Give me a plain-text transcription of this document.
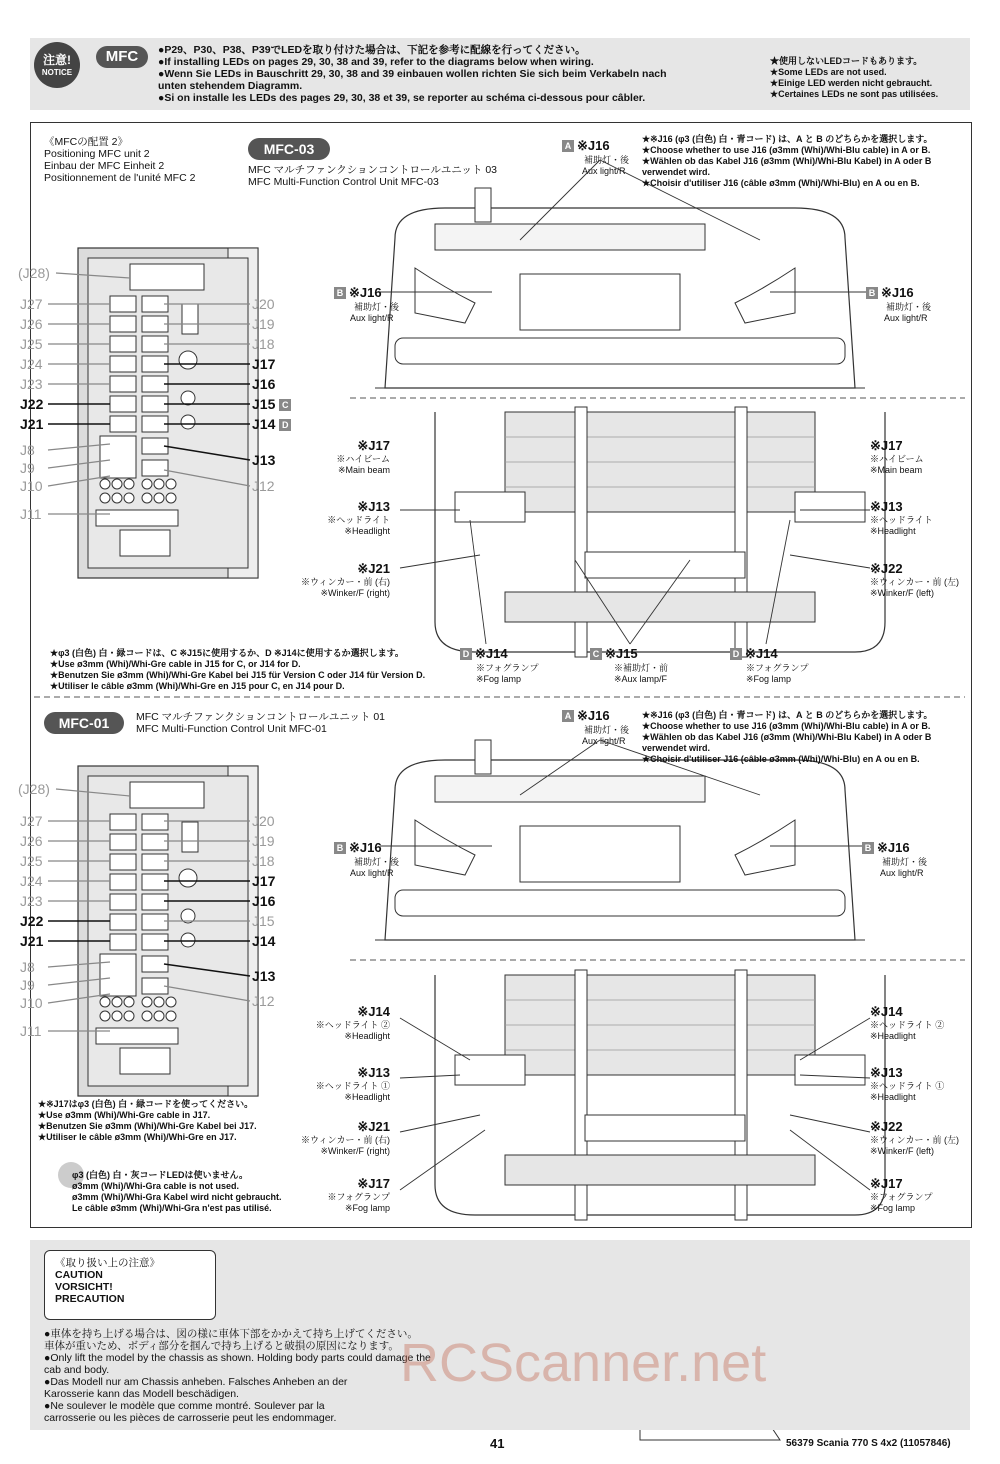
注意!
NOTICE
MFC	●P29、P30、P38、P39でLEDを取り付けた場合は、下記を参考に配線を行ってください。
●If installing LEDs on pages 29, 30, 38 and 39, refer to the diagrams below when wiring.
●Wenn Sie LEDs in Bauschritt 29, 30, 38 and 39 einbauen wollen richten Sie sich beim Verkabeln nach
unten stehendem Diagramm.
●Si on installe les LEDs des pages 29, 30, 38 et 39, se reporter au schéma ci-dessous pour câbler.
★使用しないLEDコードもあります。
★Some LEDs are not used.
★Einige LED werden nicht gebraucht.
★Certaines LEDs ne sont pas utilisées.
《MFCの配置 2》
Positioning MFC unit 2
Einbau der MFC Einheit 2
Positionnement de l'unité MFC 2
MFC-03
MFC マルチファンクションコントロールユニット 03
MFC Multi-Function Control Unit MFC-03
(J28)
J27
J26
J25
J24
J23
J22
J21
J8
J9
J10
J11
J20
J19
J18
J17
J16
J15 C
J14 D
J13
J12
★※J16 (φ3 (白色) 白・青コード) は、A と B のどちらかを選択します。
★Choose whether to use J16 (ø3mm (Whi)/Whi-Blu cable) in A or B.
★Wählen ob das Kabel J16 (ø3mm (Whi)/Whi-Blu Kabel) in A oder B
verwendet wird.
★Choisir d'utiliser J16 (câble ø3mm (Whi)/Whi-Blu) en A ou en B.
A ※J16
補助灯・後
Aux light/R
B ※J16
補助灯・後
Aux light/R
B ※J16
補助灯・後
Aux light/R
※J17
※ハイビーム
※Main beam
※J17
※ハイビーム
※Main beam
※J13
※ヘッドライト
※Headlight
※J13
※ヘッドライト
※Headlight
※J21
※ウィンカー・前 (右)
※Winker/F (right)
※J22
※ウィンカー・前 (左)
※Winker/F (left)
D ※J14
※フォグランプ
※Fog lamp
C ※J15
※補助灯・前
※Aux lamp/F
D ※J14
※フォグランプ
※Fog lamp
★φ3 (白色) 白・緑コードは、C ※J15に使用するか、D ※J14に使用するか選択します。
★Use ø3mm (Whi)/Whi-Gre cable in J15 for C, or J14 for D.
★Benutzen Sie ø3mm (Whi)/Whi-Gre Kabel bei J15 für Version C oder J14 für Version D.
★Utiliser le câble ø3mm (Whi)/Whi-Gre en J15 pour C, en J14 pour D.
MFC-01	MFC マルチファンクションコントロールユニット 01
MFC Multi-Function Control Unit MFC-01
(J28)
J27
J26
J25
J24
J23
J22
J21
J8
J9
J10
J11
J20
J19
J18
J17
J16
J15
J14
J13
J12
★※J16 (φ3 (白色) 白・青コード) は、A と B のどちらかを選択します。
★Choose whether to use J16 (ø3mm (Whi)/Whi-Blu cable) in A or B.
★Wählen ob das Kabel J16 (ø3mm (Whi)/Whi-Blu Kabel) in A oder B
verwendet wird.
★Choisir d'utiliser J16 (câble ø3mm (Whi)/Whi-Blu) en A ou en B.
A ※J16
補助灯・後
Aux light/R
B ※J16
補助灯・後
Aux light/R
B ※J16
補助灯・後
Aux light/R
※J14
※ヘッドライト ②
※Headlight
※J14
※ヘッドライト ②
※Headlight
※J13
※ヘッドライト ①
※Headlight
※J13
※ヘッドライト ①
※Headlight
※J21
※ウィンカー・前 (右)
※Winker/F (right)
※J22
※ウィンカー・前 (左)
※Winker/F (left)
※J17
※フォグランプ
※Fog lamp
※J17
※フォグランプ
※Fog lamp
★※J17はφ3 (白色) 白・緑コードを使ってください。
★Use ø3mm (Whi)/Whi-Gre cable in J17.
★Benutzen Sie ø3mm (Whi)/Whi-Gre Kabel bei J17.
★Utiliser le câble ø3mm (Whi)/Whi-Gre en J17.
φ3 (白色) 白・灰コードLEDは使いません。
ø3mm (Whi)/Whi-Gra cable is not used.
ø3mm (Whi)/Whi-Gra Kabel wird nicht gebraucht.
Le câble ø3mm (Whi)/Whi-Gra n'est pas utilisé.
《取り扱い上の注意》
CAUTION
VORSICHT!
PRECAUTION
●車体を持ち上げる場合は、図の様に車体下部をかかえて持ち上げてください。
車体が重いため、ボディ部分を掴んで持ち上げると破損の原因になります。
●Only lift the model by the chassis as shown. Holding body parts could damage the
cab and body.
●Das Modell nur am Chassis anheben. Falsches Anheben an der
Karosserie kann das Modell beschädigen.
●Ne soulever le modèle que comme montré. Soulever par la
carrosserie ou les pièces de carrosserie peut les endommager.
RCScanner.net
41	56379 Scania 770 S 4x2 (11057846)
